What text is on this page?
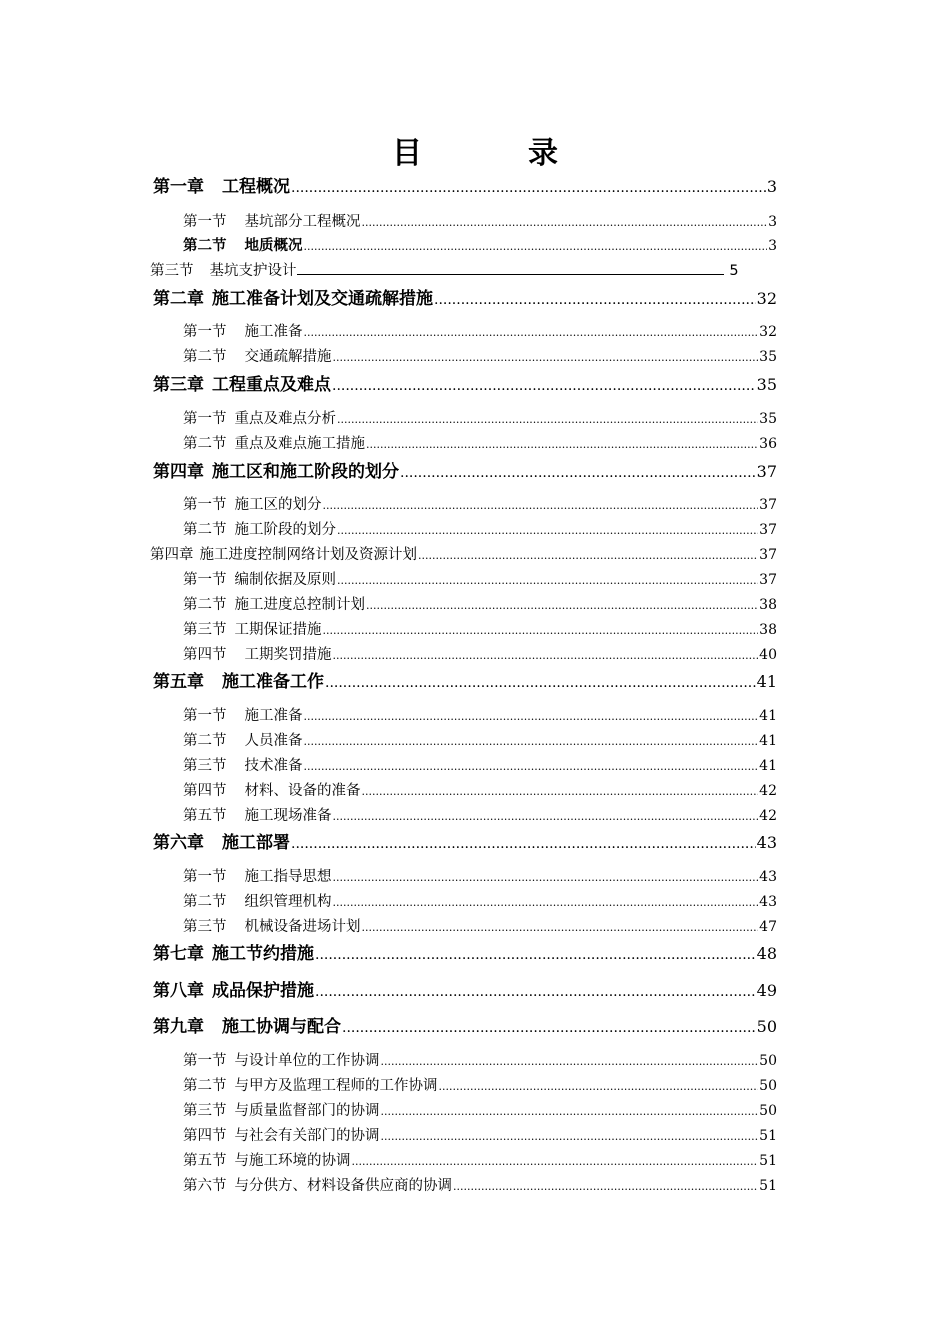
目　录
第一章 工程概况 .....	3
第一节 基坑部分工程概况 .....	3
第二节 地质概况 .....	3
第三节 基坑支护设计	5
第二章 施工准备计划及交通疏解措施 .....	32
第一节 施工准备 .....	32
第二节 交通疏解措施 .....	35
第三章 工程重点及难点 .....	35
第一节 重点及难点分析 .....	35
第二节 重点及难点施工措施 .....	36
第四章 施工区和施工阶段的划分 .....	37
第一节 施工区的划分 .....	37
第二节 施工阶段的划分 .....	37
第四章 施工进度控制网络计划及资源计划 .....	37
第一节 编制依据及原则 .....	37
第二节 施工进度总控制计划 .....	38
第三节 工期保证措施 .....	38
第四节 工期奖罚措施 .....	40
第五章 施工准备工作 .....	41
第一节 施工准备 .....	41
第二节 人员准备 .....	41
第三节 技术准备 .....	41
第四节 材料、设备的准备 .....	42
第五节 施工现场准备 .....	42
第六章 施工部署 .....	43
第一节 施工指导思想 .....	43
第二节 组织管理机构 .....	43
第三节 机械设备进场计划 .....	47
第七章 施工节约措施 .....	48
第八章 成品保护措施 .....	49
第九章 施工协调与配合 .....	50
第一节 与设计单位的工作协调 .....	50
第二节 与甲方及监理工程师的工作协调 .....	50
第三节 与质量监督部门的协调 .....	50
第四节 与社会有关部门的协调 .....	51
第五节 与施工环境的协调 .....	51
第六节 与分供方、材料设备供应商的协调 .....	51
